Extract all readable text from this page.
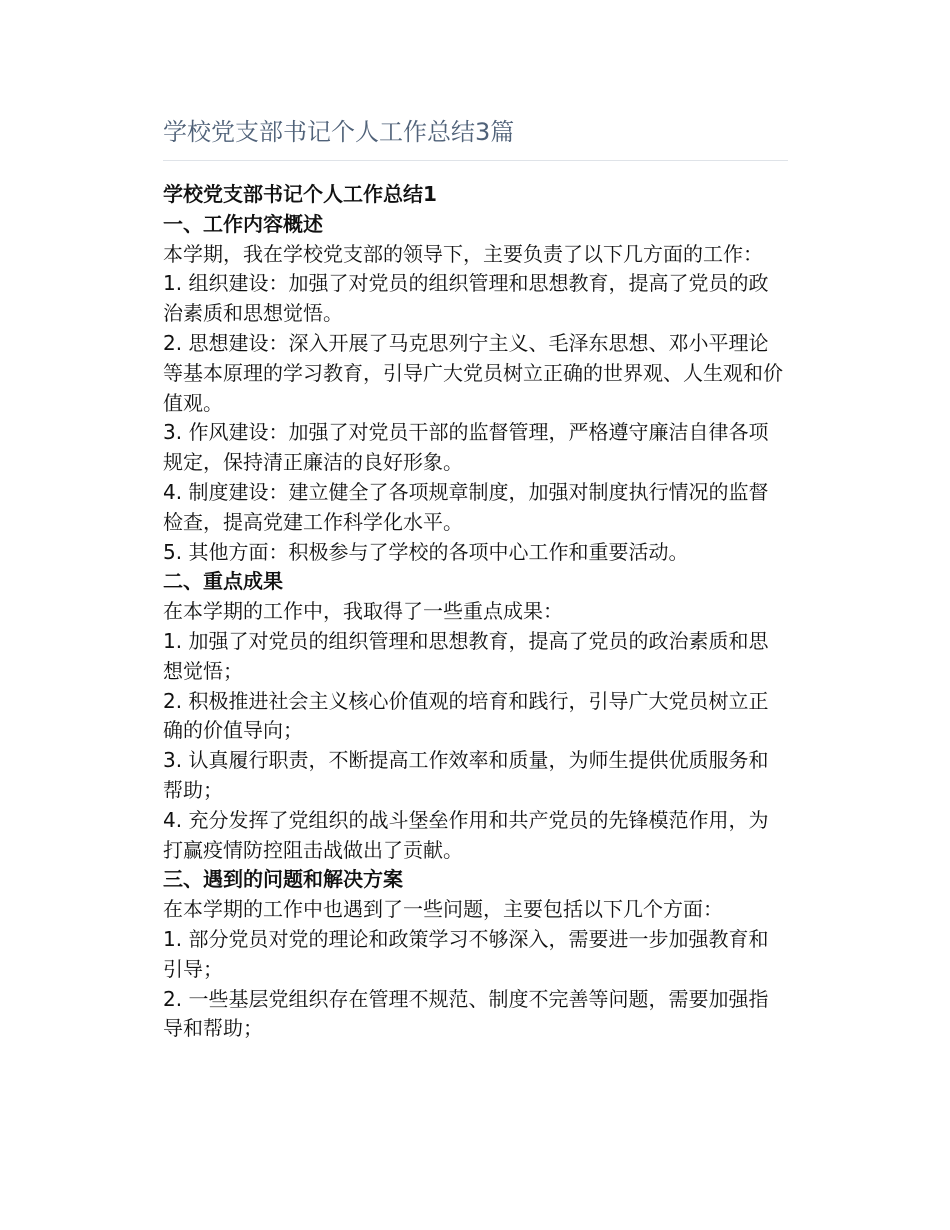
学校党支部书记个人工作总结3篇

学校党支部书记个人工作总结1

一、工作内容概述

本学期，我在学校党支部的领导下，主要负责了以下几方面的工作：

1. 组织建设：加强了对党员的组织管理和思想教育，提高了党员的政治素质和思想觉悟。

2. 思想建设：深入开展了马克思列宁主义、毛泽东思想、邓小平理论等基本原理的学习教育，引导广大党员树立正确的世界观、人生观和价值观。

3. 作风建设：加强了对党员干部的监督管理，严格遵守廉洁自律各项规定，保持清正廉洁的良好形象。

4. 制度建设：建立健全了各项规章制度，加强对制度执行情况的监督检查，提高党建工作科学化水平。

5. 其他方面：积极参与了学校的各项中心工作和重要活动。

二、重点成果

在本学期的工作中，我取得了一些重点成果：

1. 加强了对党员的组织管理和思想教育，提高了党员的政治素质和思想觉悟；

2. 积极推进社会主义核心价值观的培育和践行，引导广大党员树立正确的价值导向；

3. 认真履行职责，不断提高工作效率和质量，为师生提供优质服务和帮助；

4. 充分发挥了党组织的战斗堡垒作用和共产党员的先锋模范作用，为打赢疫情防控阻击战做出了贡献。

三、遇到的问题和解决方案

在本学期的工作中也遇到了一些问题，主要包括以下几个方面：

1. 部分党员对党的理论和政策学习不够深入，需要进一步加强教育和引导；

2. 一些基层党组织存在管理不规范、制度不完善等问题，需要加强指导和帮助；
